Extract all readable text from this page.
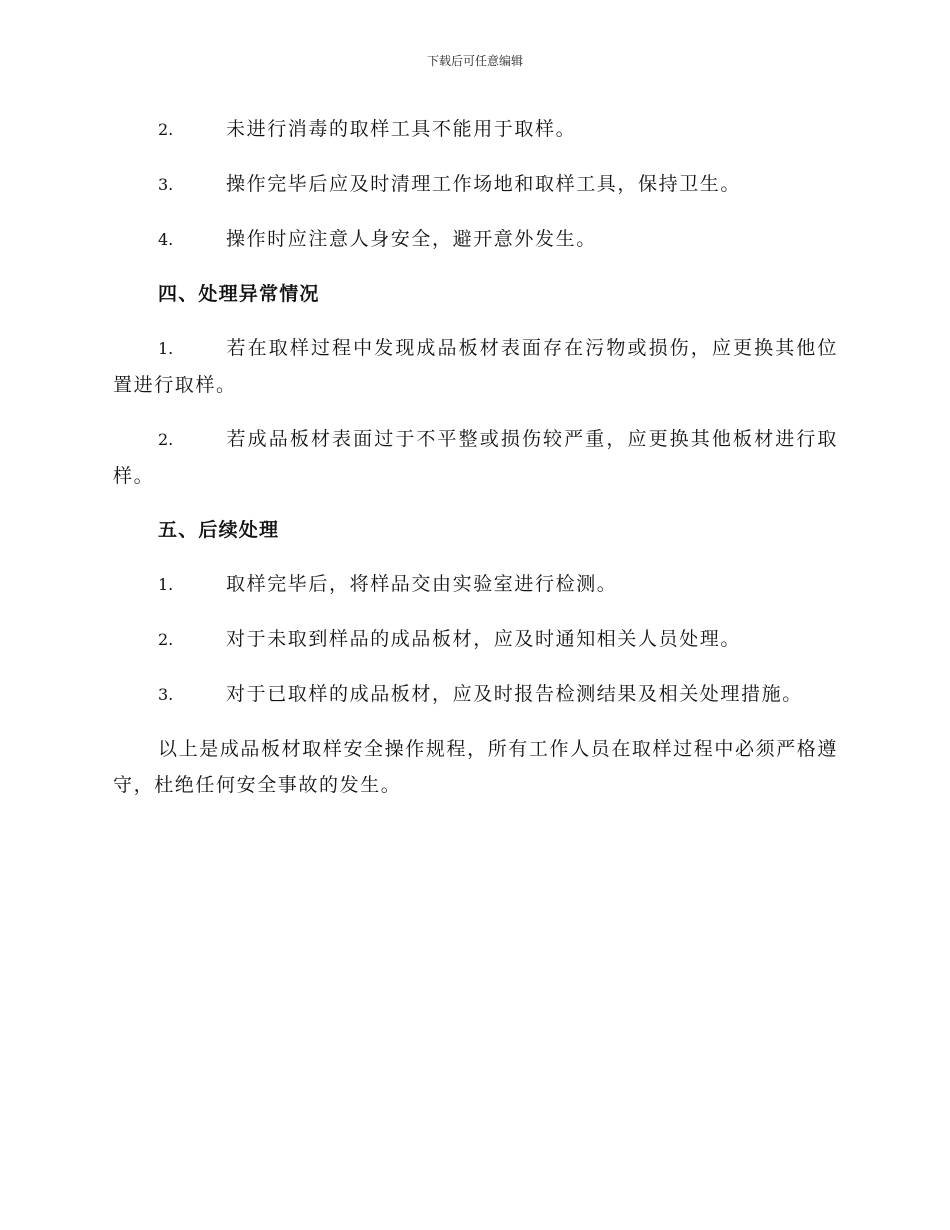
下载后可任意编辑
2.	未进行消毒的取样工具不能用于取样。
3.	操作完毕后应及时清理工作场地和取样工具，保持卫生。
4.	操作时应注意人身安全，避开意外发生。
四、处理异常情况
1.	若在取样过程中发现成品板材表面存在污物或损伤，应更换其他位置进行取样。
2.	若成品板材表面过于不平整或损伤较严重，应更换其他板材进行取样。
五、后续处理
1.	取样完毕后，将样品交由实验室进行检测。
2.	对于未取到样品的成品板材，应及时通知相关人员处理。
3.	对于已取样的成品板材，应及时报告检测结果及相关处理措施。
以上是成品板材取样安全操作规程，所有工作人员在取样过程中必须严格遵守，杜绝任何安全事故的发生。
